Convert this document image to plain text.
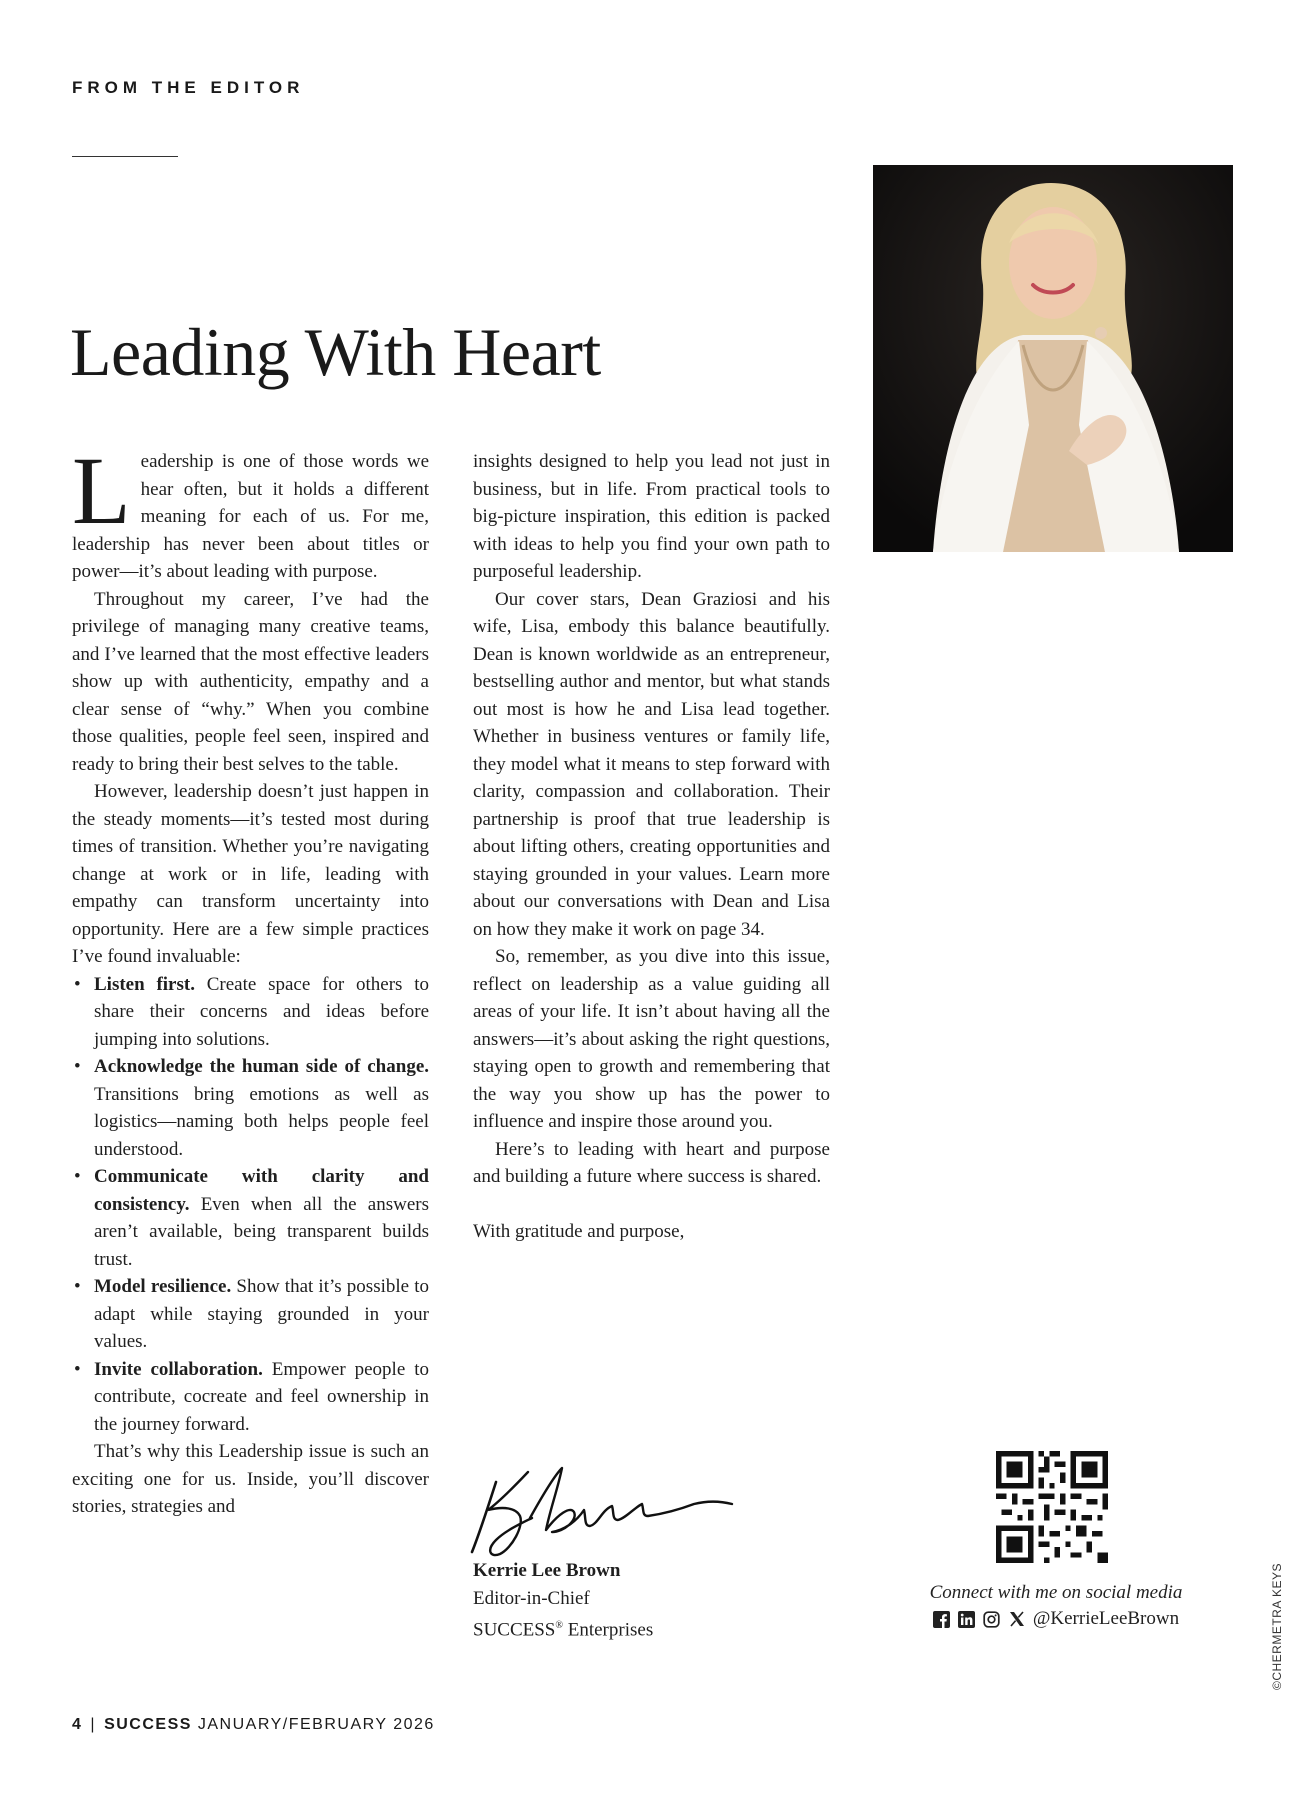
FROM THE EDITOR
Leading With Heart

Leadership is one of those words we hear often, but it holds a different meaning for each of us. For me, leadership has never been about titles or power—it’s about leading with purpose.

Throughout my career, I’ve had the privilege of managing many creative teams, and I’ve learned that the most effective leaders show up with authenticity, empathy and a clear sense of “why.” When you combine those qualities, people feel seen, inspired and ready to bring their best selves to the table.

However, leadership doesn’t just happen in the steady moments—it’s tested most during times of transition. Whether you’re navigating change at work or in life, leading with empathy can transform uncertainty into opportunity. Here are a few simple practices I’ve found invaluable:

• Listen first. Create space for others to share their concerns and ideas before jumping into solutions.
• Acknowledge the human side of change. Transitions bring emotions as well as logistics—naming both helps people feel understood.
• Communicate with clarity and consistency. Even when all the answers aren’t available, being transparent builds trust.
• Model resilience. Show that it’s possible to adapt while staying grounded in your values.
• Invite collaboration. Empower people to contribute, cocreate and feel ownership in the journey forward.

That’s why this Leadership issue is such an exciting one for us. Inside, you’ll discover stories, strategies and

insights designed to help you lead not just in business, but in life. From practical tools to big-picture inspiration, this edition is packed with ideas to help you find your own path to purposeful leadership.

Our cover stars, Dean Graziosi and his wife, Lisa, embody this balance beautifully. Dean is known worldwide as an entrepreneur, bestselling author and mentor, but what stands out most is how he and Lisa lead together. Whether in business ventures or family life, they model what it means to step forward with clarity, compassion and collaboration. Their partnership is proof that true leadership is about lifting others, creating opportunities and staying grounded in your values. Learn more about our conversations with Dean and Lisa on how they make it work on page 34.

So, remember, as you dive into this issue, reflect on leadership as a value guiding all areas of your life. It isn’t about having all the answers—it’s about asking the right questions, staying open to growth and remembering that the way you show up has the power to influence and inspire those around you.

Here’s to leading with heart and purpose and building a future where success is shared.

With gratitude and purpose,

Kerrie Lee Brown
Editor-in-Chief
SUCCESS® Enterprises
Connect with me on social media
@KerrieLeeBrown	©CHERMETRA KEYS
4 | SUCCESS JANUARY/FEBRUARY 2026
